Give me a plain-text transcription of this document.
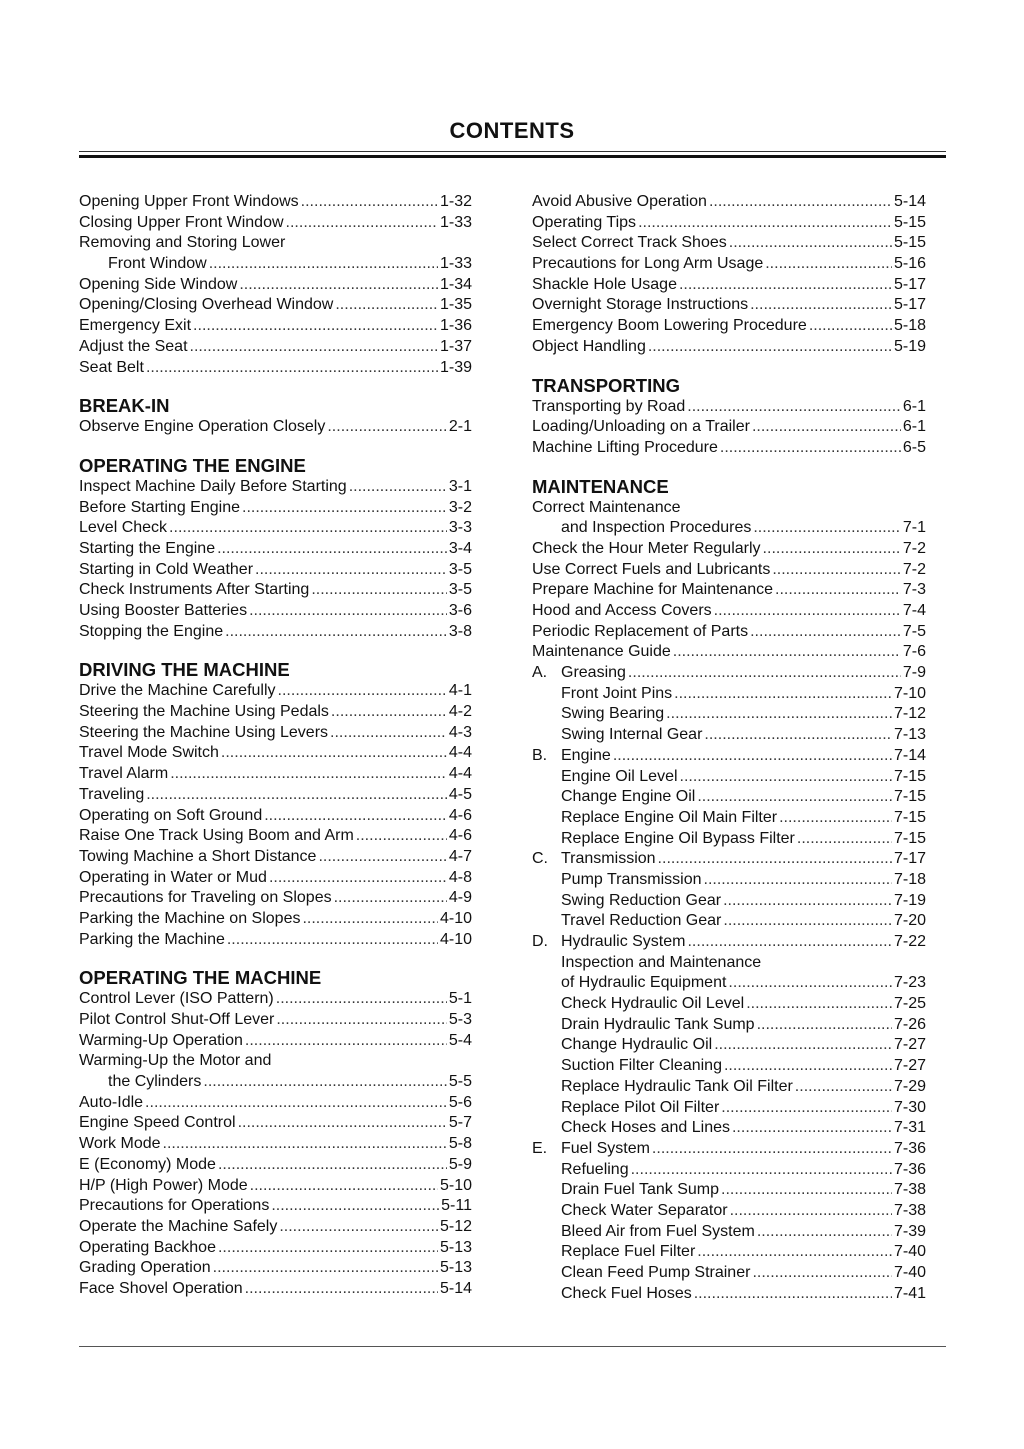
CONTENTS
Opening Upper Front Windows .....	1-32
Closing Upper Front Window .....	1-33
Removing and Storing Lower
Front Window .....	1-33
Opening Side Window .....	1-34
Opening/Closing Overhead Window .....	1-35
Emergency Exit .....	1-36
Adjust the Seat .....	1-37
Seat Belt .....	1-39
BREAK-IN
Observe Engine Operation Closely .....	2-1
OPERATING THE ENGINE
Inspect Machine Daily Before Starting .....	3-1
Before Starting Engine .....	3-2
Level Check .....	3-3
Starting the Engine .....	3-4
Starting in Cold Weather .....	3-5
Check Instruments After Starting .....	3-5
Using Booster Batteries .....	3-6
Stopping the Engine .....	3-8
DRIVING THE MACHINE
Drive the Machine Carefully .....	4-1
Steering the Machine Using Pedals .....	4-2
Steering the Machine Using Levers .....	4-3
Travel Mode Switch .....	4-4
Travel Alarm .....	4-4
Traveling .....	4-5
Operating on Soft Ground .....	4-6
Raise One Track Using Boom and Arm .....	4-6
Towing Machine a Short Distance .....	4-7
Operating in Water or Mud .....	4-8
Precautions for Traveling on Slopes .....	4-9
Parking the Machine on Slopes .....	4-10
Parking the Machine .....	4-10
OPERATING THE MACHINE
Control Lever (ISO Pattern) .....	5-1
Pilot Control Shut-Off Lever .....	5-3
Warming-Up Operation .....	5-4
Warming-Up the Motor and
the Cylinders .....	5-5
Auto-Idle .....	5-6
Engine Speed Control .....	5-7
Work Mode .....	5-8
E (Economy) Mode .....	5-9
H/P (High Power) Mode .....	5-10
Precautions for Operations .....	5-11
Operate the Machine Safely .....	5-12
Operating Backhoe .....	5-13
Grading Operation .....	5-13
Face Shovel Operation .....	5-14
Avoid Abusive Operation .....	5-14
Operating Tips .....	5-15
Select Correct Track Shoes .....	5-15
Precautions for Long Arm Usage .....	5-16
Shackle Hole Usage .....	5-17
Overnight Storage Instructions .....	5-17
Emergency Boom Lowering Procedure .....	5-18
Object Handling .....	5-19
TRANSPORTING
Transporting by Road .....	6-1
Loading/Unloading on a Trailer .....	6-1
Machine Lifting Procedure .....	6-5
MAINTENANCE
Correct Maintenance
and Inspection Procedures .....	7-1
Check the Hour Meter Regularly .....	7-2
Use Correct Fuels and Lubricants .....	7-2
Prepare Machine for Maintenance .....	7-3
Hood and Access Covers .....	7-4
Periodic Replacement of Parts .....	7-5
Maintenance Guide .....	7-6
A. Greasing .....	7-9
Front Joint Pins .....	7-10
Swing Bearing .....	7-12
Swing Internal Gear .....	7-13
B. Engine .....	7-14
Engine Oil Level .....	7-15
Change Engine Oil .....	7-15
Replace Engine Oil Main Filter .....	7-15
Replace Engine Oil Bypass Filter .....	7-15
C. Transmission .....	7-17
Pump Transmission .....	7-18
Swing Reduction Gear .....	7-19
Travel Reduction Gear .....	7-20
D. Hydraulic System .....	7-22
Inspection and Maintenance
of Hydraulic Equipment .....	7-23
Check Hydraulic Oil Level .....	7-25
Drain Hydraulic Tank Sump .....	7-26
Change Hydraulic Oil .....	7-27
Suction Filter Cleaning .....	7-27
Replace Hydraulic Tank Oil Filter .....	7-29
Replace Pilot Oil Filter .....	7-30
Check Hoses and Lines .....	7-31
E. Fuel System .....	7-36
Refueling .....	7-36
Drain Fuel Tank Sump .....	7-38
Check Water Separator .....	7-38
Bleed Air from Fuel System .....	7-39
Replace Fuel Filter .....	7-40
Clean Feed Pump Strainer .....	7-40
Check Fuel Hoses .....	7-41
